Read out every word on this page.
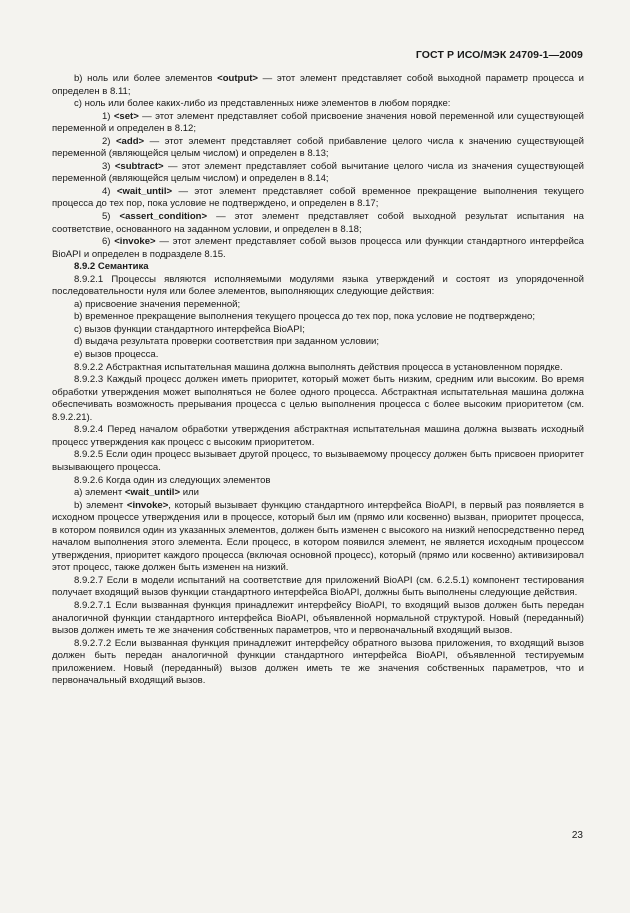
ГОСТ Р ИСО/МЭК 24709-1—2009

b) ноль или более элементов <output> — этот элемент представляет собой выходной параметр процесса и определен в 8.11;

c) ноль или более каких-либо из представленных ниже элементов в любом порядке:

1) <set> — этот элемент представляет собой присвоение значения новой переменной или существующей переменной и определен в 8.12;

2) <add> — этот элемент представляет собой прибавление целого числа к значению существующей переменной (являющейся целым числом) и определен в 8.13;

3) <subtract> — этот элемент представляет собой вычитание целого числа из значения существующей переменной (являющейся целым числом) и определен в 8.14;

4) <wait_until> — этот элемент представляет собой временное прекращение выполнения текущего процесса до тех пор, пока условие не подтверждено, и определен в 8.17;

5) <assert_condition> — этот элемент представляет собой выходной результат испытания на соответствие, основанного на заданном условии, и определен в 8.18;

6) <invoke> — этот элемент представляет собой вызов процесса или функции стандартного интерфейса BioAPI и определен в подразделе 8.15.

8.9.2 Семантика

8.9.2.1 Процессы являются исполняемыми модулями языка утверждений и состоят из упорядоченной последовательности нуля или более элементов, выполняющих следующие действия:

a) присвоение значения переменной;

b) временное прекращение выполнения текущего процесса до тех пор, пока условие не подтверждено;

c) вызов функции стандартного интерфейса BioAPI;

d) выдача результата проверки соответствия при заданном условии;

e) вызов процесса.

8.9.2.2 Абстрактная испытательная машина должна выполнять действия процесса в установленном порядке.

8.9.2.3 Каждый процесс должен иметь приоритет, который может быть низким, средним или высоким. Во время обработки утверждения может выполняться не более одного процесса. Абстрактная испытательная машина должна обеспечивать возможность прерывания процесса с целью выполнения процесса с более высоким приоритетом (см. 8.9.2.21).

8.9.2.4 Перед началом обработки утверждения абстрактная испытательная машина должна вызвать исходный процесс утверждения как процесс с высоким приоритетом.

8.9.2.5 Если один процесс вызывает другой процесс, то вызываемому процессу должен быть присвоен приоритет вызывающего процесса.

8.9.2.6 Когда один из следующих элементов

a) элемент <wait_until> или

b) элемент <invoke>, который вызывает функцию стандартного интерфейса BioAPI, в первый раз появляется в исходном процессе утверждения или в процессе, который был им (прямо или косвенно) вызван, приоритет процесса, в котором появился один из указанных элементов, должен быть изменен с высокого на низкий непосредственно перед началом выполнения этого элемента. Если процесс, в котором появился элемент, не является исходным процессом утверждения, приоритет каждого процесса (включая основной процесс), который (прямо или косвенно) активизировал этот процесс, также должен быть изменен на низкий.

8.9.2.7 Если в модели испытаний на соответствие для приложений BioAPI (см. 6.2.5.1) компонент тестирования получает входящий вызов функции стандартного интерфейса BioAPI, должны быть выполнены следующие действия.

8.9.2.7.1 Если вызванная функция принадлежит интерфейсу BioAPI, то входящий вызов должен быть передан аналогичной функции стандартного интерфейса BioAPI, объявленной нормальной структурой. Новый (переданный) вызов должен иметь те же значения собственных параметров, что и первоначальный входящий вызов.

8.9.2.7.2 Если вызванная функция принадлежит интерфейсу обратного вызова приложения, то входящий вызов должен быть передан аналогичной функции стандартного интерфейса BioAPI, объявленной тестируемым приложением. Новый (переданный) вызов должен иметь те же значения собственных параметров, что и первоначальный входящий вызов.

23
